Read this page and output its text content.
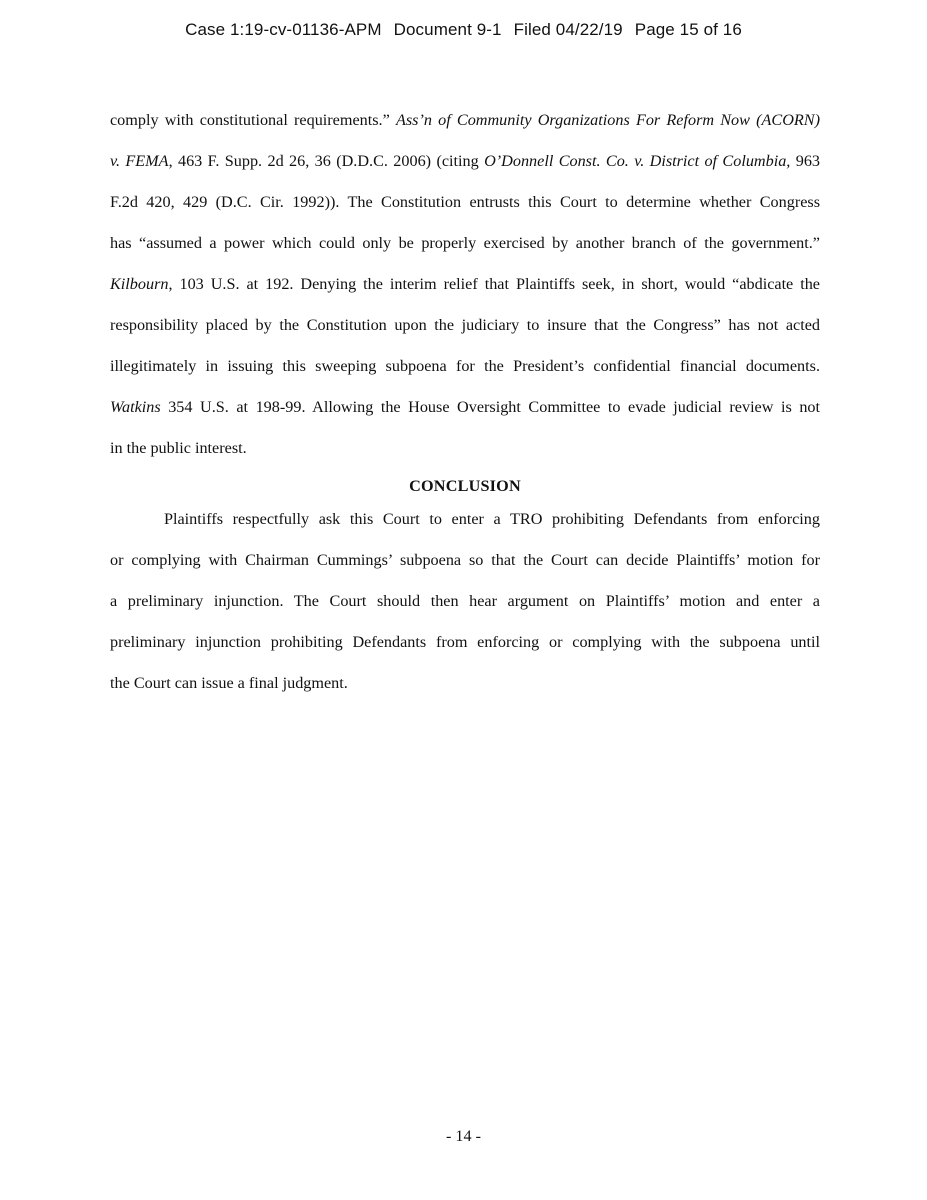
Case 1:19-cv-01136-APM Document 9-1 Filed 04/22/19 Page 15 of 16
comply with constitutional requirements.” Ass’n of Community Organizations For Reform Now (ACORN)
v. FEMA, 463 F. Supp. 2d 26, 36 (D.D.C. 2006) (citing O’Donnell Const. Co. v. District of Columbia, 963
F.2d 420, 429 (D.C. Cir. 1992)). The Constitution entrusts this Court to determine whether Congress
has “assumed a power which could only be properly exercised by another branch of the government.”
Kilbourn, 103 U.S. at 192. Denying the interim relief that Plaintiffs seek, in short, would “abdicate the
responsibility placed by the Constitution upon the judiciary to insure that the Congress” has not acted
illegitimately in issuing this sweeping subpoena for the President’s confidential financial documents.
Watkins 354 U.S. at 198-99. Allowing the House Oversight Committee to evade judicial review is not
in the public interest.
CONCLUSION
Plaintiffs respectfully ask this Court to enter a TRO prohibiting Defendants from enforcing
or complying with Chairman Cummings’ subpoena so that the Court can decide Plaintiffs’ motion for
a preliminary injunction. The Court should then hear argument on Plaintiffs’ motion and enter a
preliminary injunction prohibiting Defendants from enforcing or complying with the subpoena until
the Court can issue a final judgment.
- 14 -
